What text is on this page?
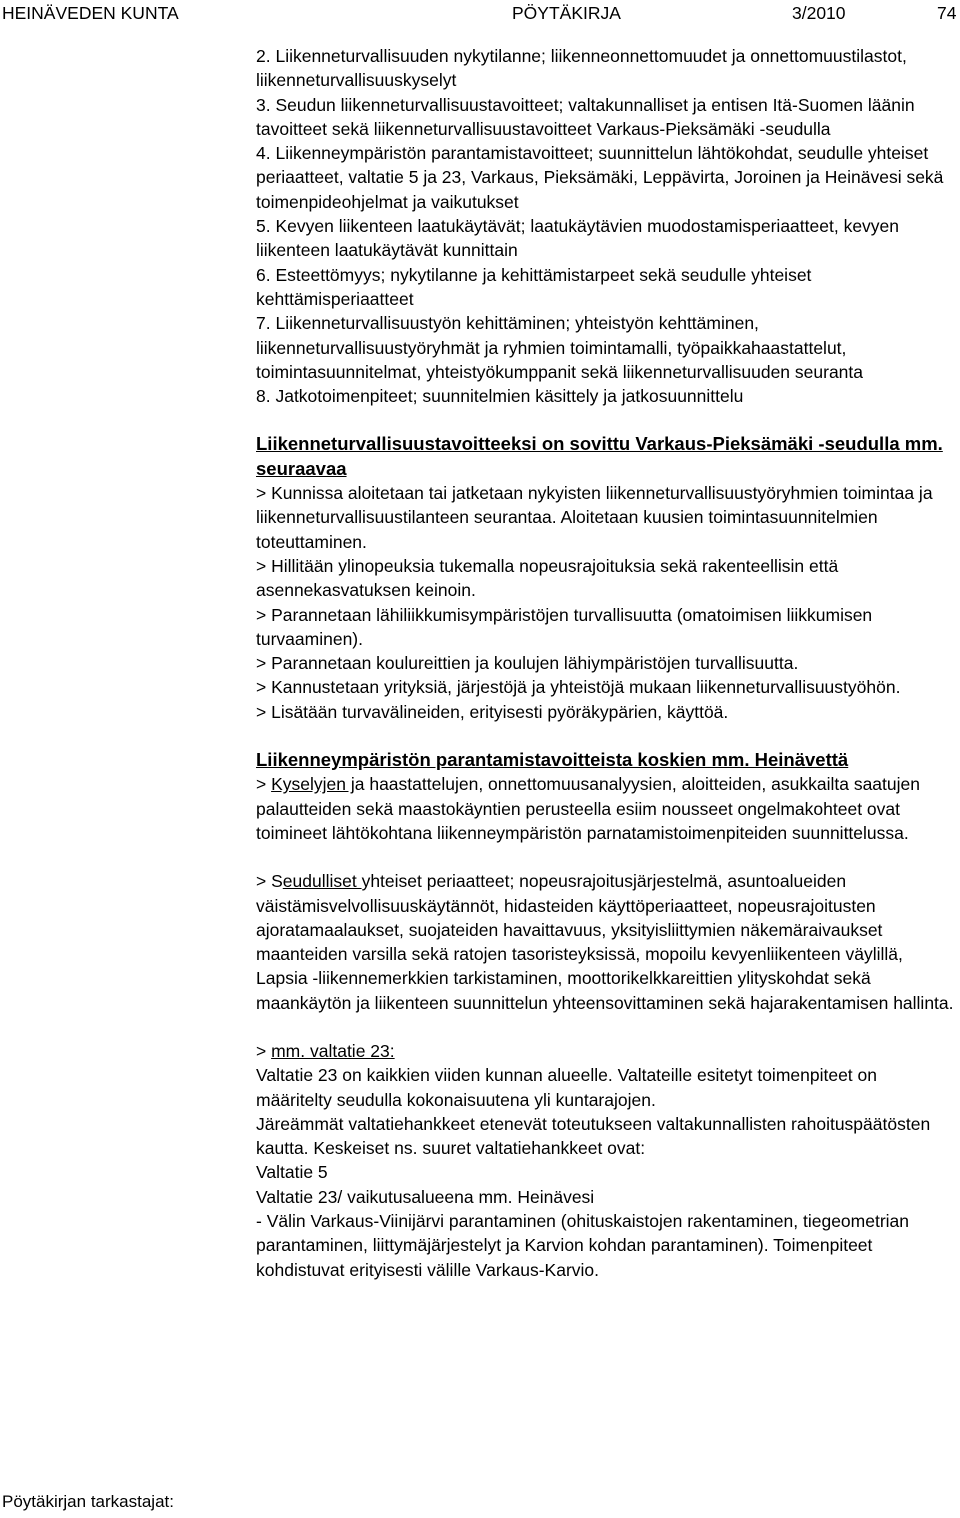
HEINÄVEDEN KUNTA	PÖYTÄKIRJA	3/2010	74

2. Liikenneturvallisuuden nykytilanne; liikenneonnettomuudet ja onnettomuustilastot, liikenneturvallisuuskyselyt

3. Seudun liikenneturvallisuustavoitteet; valtakunnalliset ja entisen Itä-Suomen läänin tavoitteet sekä liikenneturvallisuustavoitteet Varkaus-Pieksämäki -seudulla

4. Liikenneympäristön parantamistavoitteet; suunnittelun lähtökohdat, seudulle yhteiset periaatteet, valtatie 5 ja 23, Varkaus, Pieksämäki, Leppävirta, Joroinen ja Heinävesi sekä toimenpideohjelmat ja vaikutukset

5. Kevyen liikenteen laatukäytävät; laatukäytävien muodostamisperiaatteet, kevyen liikenteen laatukäytävät kunnittain

6. Esteettömyys; nykytilanne ja kehittämistarpeet sekä seudulle yhteiset kehttämisperiaatteet

7. Liikenneturvallisuustyön kehittäminen; yhteistyön kehttäminen, liikenneturvallisuustyöryhmät ja ryhmien toimintamalli, työpaikkahaastattelut, toimintasuunnitelmat, yhteistyökumppanit sekä liikenneturvallisuuden seuranta

8. Jatkotoimenpiteet; suunnitelmien käsittely ja jatkosuunnittelu

Liikenneturvallisuustavoitteeksi on sovittu Varkaus-Pieksämäki -seudulla mm. seuraavaa

> Kunnissa aloitetaan tai jatketaan nykyisten liikenneturvallisuustyöryhmien toimintaa ja liikenneturvallisuustilanteen seurantaa. Aloitetaan kuusien toimintasuunnitelmien toteuttaminen.

> Hillitään ylinopeuksia tukemalla nopeusrajoituksia sekä rakenteellisin että asennekasvatuksen keinoin.

> Parannetaan lähiliikkumisympäristöjen turvallisuutta (omatoimisen liikkumisen turvaaminen).

> Parannetaan koulureittien ja koulujen lähiympäristöjen turvallisuutta.

> Kannustetaan yrityksiä, järjestöjä ja yhteistöjä mukaan liikenneturvallisuustyöhön.

> Lisätään turvavälineiden, erityisesti pyöräkypärien, käyttöä.

Liikenneympäristön parantamistavoitteista koskien mm. Heinävettä

> Kyselyjen ja haastattelujen, onnettomuusanalyysien, aloitteiden, asukkailta saatujen palautteiden sekä maastokäyntien perusteella esiim nousseet ongelmakohteet ovat toimineet lähtökohtana liikenneympäristön parnatamistoimenpiteiden suunnittelussa.

> Seudulliset yhteiset periaatteet; nopeusrajoitusjärjestelmä, asuntoalueiden väistämisvelvollisuuskäytännöt, hidasteiden käyttöperiaatteet, nopeusrajoitusten ajoratamaalaukset, suojateiden havaittavuus, yksityisliittymien näkemäraivaukset maanteiden varsilla sekä ratojen tasoristeyksissä, mopoilu kevyenliikenteen väylillä, Lapsia -liikennemerkkien tarkistaminen, moottorikelkkareittien ylityskohdat sekä maankäytön ja liikenteen suunnittelun yhteensovittaminen sekä hajarakentamisen hallinta.

> mm. valtatie 23:

Valtatie 23 on kaikkien viiden kunnan alueelle. Valtateille esitetyt toimenpiteet on määritelty seudulla kokonaisuutena yli kuntarajojen.

Järeämmät valtatiehankkeet etenevät toteutukseen valtakunnallisten rahoituspäätösten kautta. Keskeiset ns. suuret valtatiehankkeet ovat:

Valtatie 5

Valtatie 23/ vaikutusalueena mm. Heinävesi

- Välin Varkaus-Viinijärvi parantaminen (ohituskaistojen rakentaminen, tiegeometrian parantaminen, liittymäjärjestelyt ja Karvion kohdan parantaminen). Toimenpiteet kohdistuvat erityisesti välille Varkaus-Karvio.

Pöytäkirjan tarkastajat:
